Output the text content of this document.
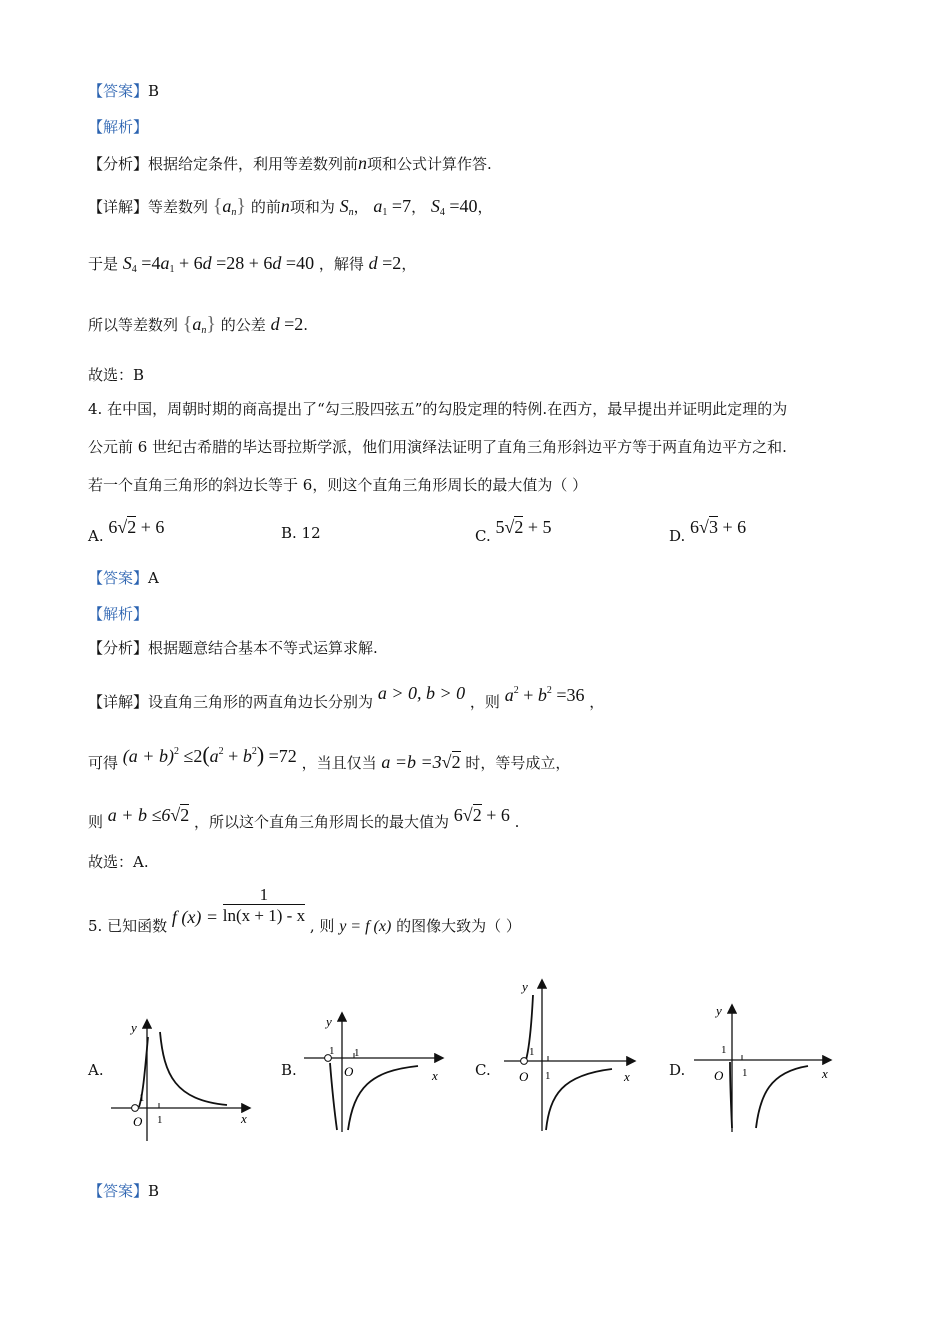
【答案】B
【解析】
【分析】根据给定条件，利用等差数列前n项和公式计算作答.
【详解】等差数列 $\{a_n\}$ 的前n项和为 $S_n$， $a_1 =7$， $S_4 =40$，
于是 $S_4 =4a_1 + 6d =28 + 6d =40$ ，解得 d =2，
所以等差数列 $\{a_n\}$ 的公差 d =2.
故选：B
4. 在中国，周朝时期的商高提出了“勾三股四弦五”的勾股定理的特例.在西方，最早提出并证明此定理的为
公元前 6 世纪古希腊的毕达哥拉斯学派，他们用演绎法证明了直角三角形斜边平方等于两直角边平方之和.
若一个直角三角形的斜边长等于 6，则这个直角三角形周长的最大值为（ ）
A. 6√2 + 6	B. 12	C. 5√2 + 5	D. 6√3 + 6
【答案】A
【解析】
【分析】根据题意结合基本不等式运算求解.
【详解】设直角三角形的两直角边长分别为 a > 0, b > 0 ，则 $a^2 + b^2 =36$ ，
可得 $(a + b)^2 \le 2(a^2 + b^2) =72$ ，当且仅当 a =b =3√2 时，等号成立，
则 a + b ≤6√2 ，所以这个直角三角形周长的最大值为 6√2 + 6 .
故选：A.
5. 已知函数 f $(x) = \frac{1}{\ln(x + 1) - x}$
, 则 y = f (x) 的图像大致为（ ）
A.	B.	C.	D.
y
x
O 1
1
y
x
O
1
1
y
x
O 1
1
y
x
O 1
1
【答案】B
